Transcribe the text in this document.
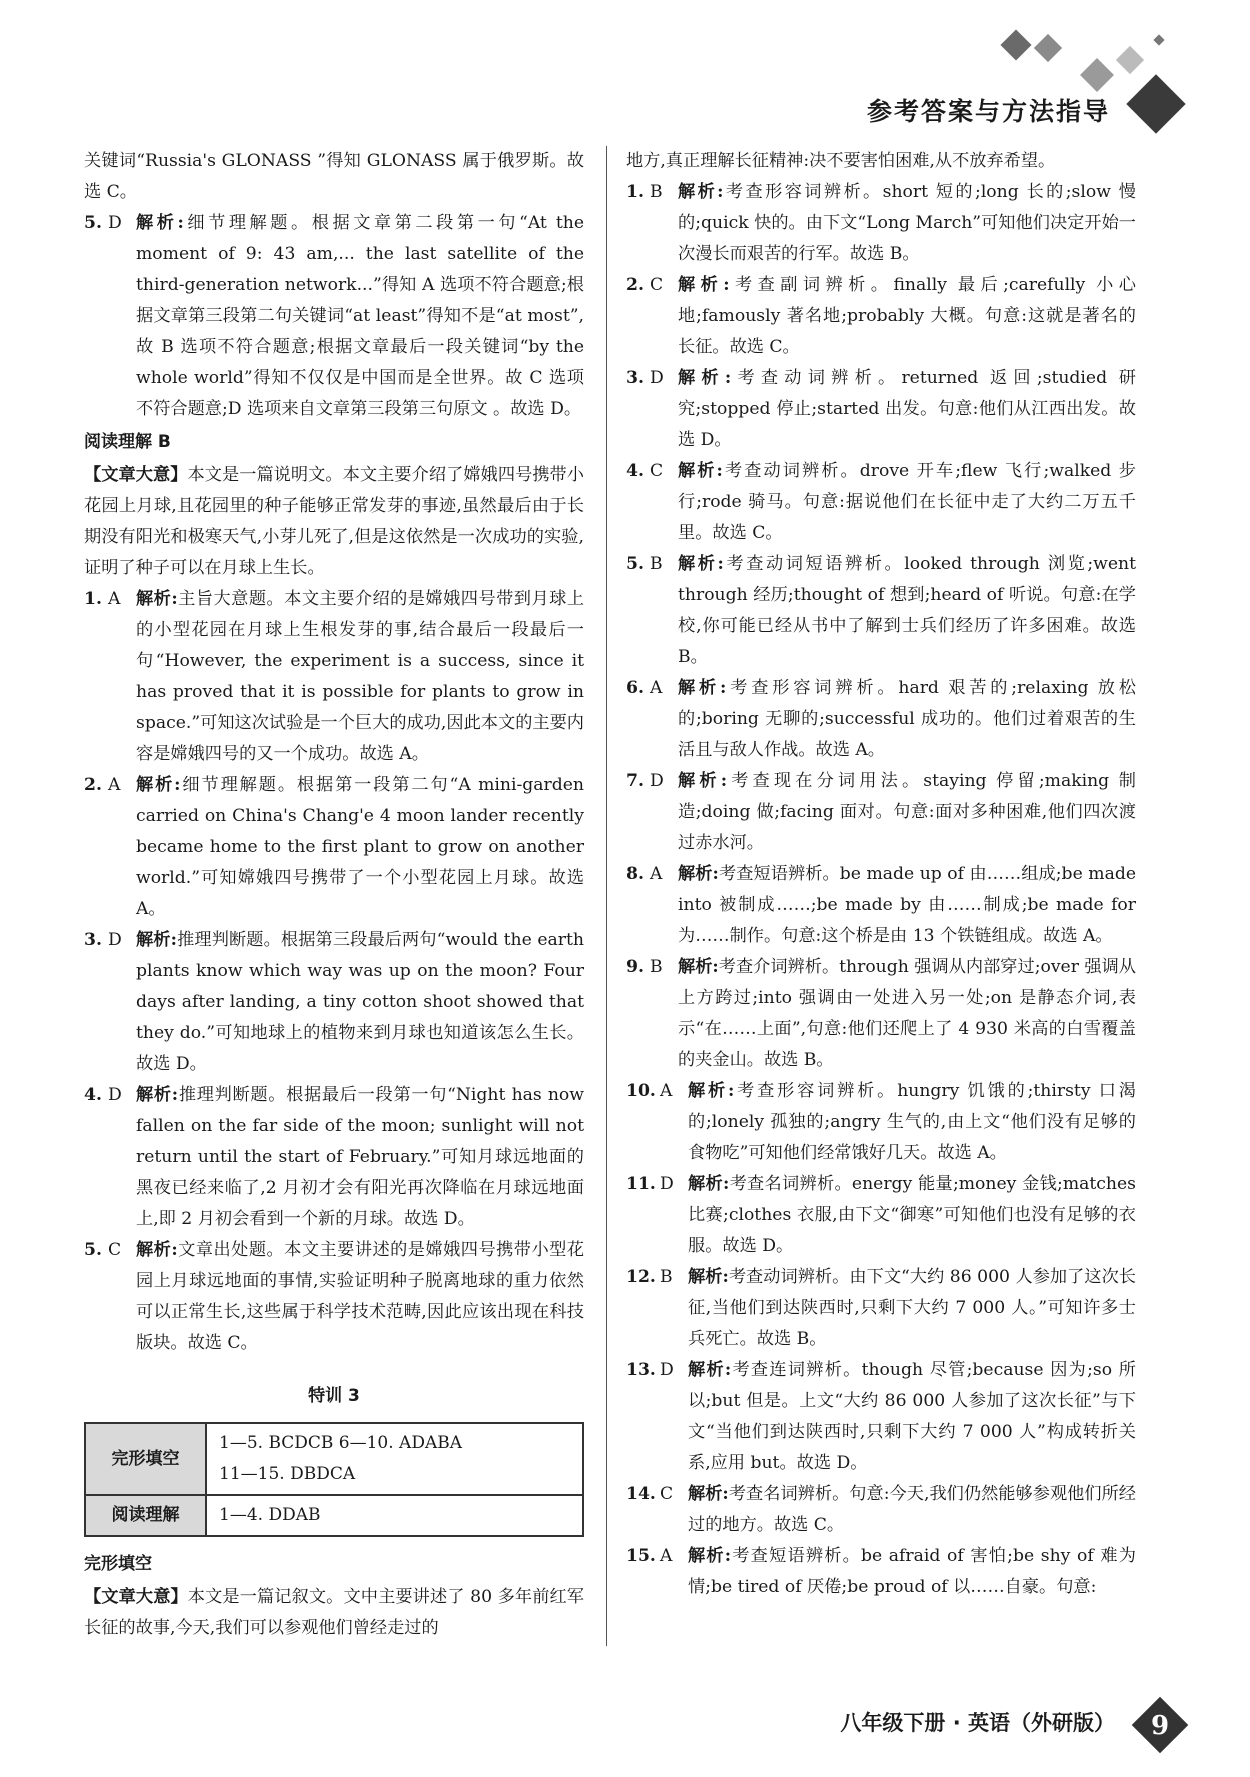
参考答案与方法指导

关键词“Russia's GLONASS ”得知 GLONASS 属于俄罗斯。故选 C。

5. D 解析:细节理解题。根据文章第二段第一句“At the moment of 9: 43 am,... the last satellite of the third-generation network...”得知 A 选项不符合题意;根据文章第三段第二句关键词“at least”得知不是“at most”, 故 B 选项不符合题意;根据文章最后一段关键词“by the whole world”得知不仅仅是中国而是全世界。故 C 选项不符合题意;D 选项来自文章第三段第三句原文 。故选 D。
阅读理解 B

【文章大意】本文是一篇说明文。本文主要介绍了嫦娥四号携带小花园上月球,且花园里的种子能够正常发芽的事迹,虽然最后由于长期没有阳光和极寒天气,小芽儿死了,但是这依然是一次成功的实验,证明了种子可以在月球上生长。

1. A 解析:主旨大意题。本文主要介绍的是嫦娥四号带到月球上的小型花园在月球上生根发芽的事,结合最后一段最后一句“However, the experiment is a success, since it has proved that it is possible for plants to grow in space.”可知这次试验是一个巨大的成功,因此本文的主要内容是嫦娥四号的又一个成功。故选 A。
2. A 解析:细节理解题。根据第一段第二句“A mini-garden carried on China's Chang'e 4 moon lander recently became home to the first plant to grow on another world.”可知嫦娥四号携带了一个小型花园上月球。故选 A。
3. D 解析:推理判断题。根据第三段最后两句“would the earth plants know which way was up on the moon? Four days after landing, a tiny cotton shoot showed that they do.”可知地球上的植物来到月球也知道该怎么生长。故选 D。
4. D 解析:推理判断题。根据最后一段第一句“Night has now fallen on the far side of the moon; sunlight will not return until the start of February.”可知月球远地面的黑夜已经来临了,2 月初才会有阳光再次降临在月球远地面上,即 2 月初会看到一个新的月球。故选 D。
5. C 解析:文章出处题。本文主要讲述的是嫦娥四号携带小型花园上月球远地面的事情,实验证明种子脱离地球的重力依然可以正常生长,这些属于科学技术范畴,因此应该出现在科技版块。故选 C。
特训 3
完形填空	1—5. BCDCB 6—10. ADABA
11—15. DBDCA

阅读理解	1—4. DDAB
完形填空

【文章大意】本文是一篇记叙文。文中主要讲述了 80 多年前红军长征的故事,今天,我们可以参观他们曾经走过的

地方,真正理解长征精神:决不要害怕困难,从不放弃希望。

1. B 解析:考查形容词辨析。short 短的;long 长的;slow 慢的;quick 快的。由下文“Long March”可知他们决定开始一次漫长而艰苦的行军。故选 B。
2. C 解析:考查副词辨析。finally 最后;carefully 小心地;famously 著名地;probably 大概。句意:这就是著名的长征。故选 C。
3. D 解析:考查动词辨析。returned 返回;studied 研究;stopped 停止;started 出发。句意:他们从江西出发。故选 D。
4. C 解析:考查动词辨析。drove 开车;flew 飞行;walked 步行;rode 骑马。句意:据说他们在长征中走了大约二万五千里。故选 C。
5. B 解析:考查动词短语辨析。looked through 浏览;went through 经历;thought of 想到;heard of 听说。句意:在学校,你可能已经从书中了解到士兵们经历了许多困难。故选 B。
6. A 解析:考查形容词辨析。hard 艰苦的;relaxing 放松的;boring 无聊的;successful 成功的。他们过着艰苦的生活且与敌人作战。故选 A。
7. D 解析:考查现在分词用法。staying 停留;making 制造;doing 做;facing 面对。句意:面对多种困难,他们四次渡过赤水河。
8. A 解析:考查短语辨析。be made up of 由……组成;be made into 被制成……;be made by 由……制成;be made for 为……制作。句意:这个桥是由 13 个铁链组成。故选 A。
9. B 解析:考查介词辨析。through 强调从内部穿过;over 强调从上方跨过;into 强调由一处进入另一处;on 是静态介词,表示“在……上面”,句意:他们还爬上了 4 930 米高的白雪覆盖的夹金山。故选 B。
10. A 解析:考查形容词辨析。hungry 饥饿的;thirsty 口渴的;lonely 孤独的;angry 生气的,由上文“他们没有足够的食物吃”可知他们经常饿好几天。故选 A。
11. D 解析:考查名词辨析。energy 能量;money 金钱;matches 比赛;clothes 衣服,由下文“御寒”可知他们也没有足够的衣服。故选 D。
12. B 解析:考查动词辨析。由下文“大约 86 000 人参加了这次长征,当他们到达陕西时,只剩下大约 7 000 人。”可知许多士兵死亡。故选 B。
13. D 解析:考查连词辨析。though 尽管;because 因为;so 所以;but 但是。上文“大约 86 000 人参加了这次长征”与下文“当他们到达陕西时,只剩下大约 7 000 人”构成转折关系,应用 but。故选 D。
14. C 解析:考查名词辨析。句意:今天,我们仍然能够参观他们所经过的地方。故选 C。
15. A 解析:考查短语辨析。be afraid of 害怕;be shy of 难为情;be tired of 厌倦;be proud of 以……自豪。句意:
八年级下册 · 英语（外研版） 9
